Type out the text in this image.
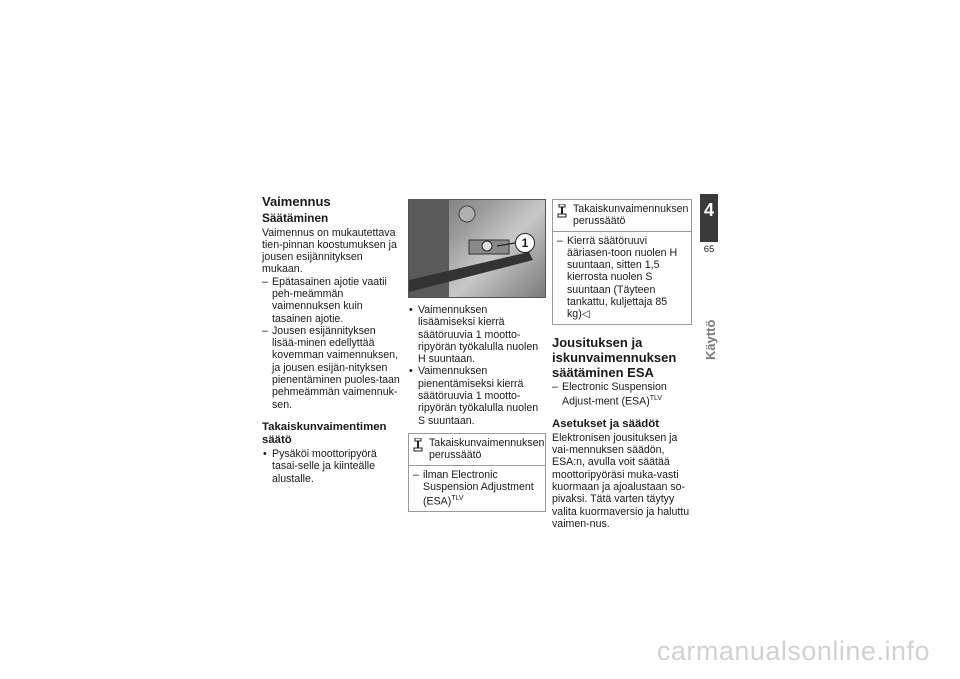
Vaimennus
Säätäminen

Vaimennus on mukautettava tien-pinnan koostumuksen ja jousen esijännityksen mukaan.

– Epätasainen ajotie vaatii peh-meämmän vaimennuksen kuin tasainen ajotie.
– Jousen esijännityksen lisää-minen edellyttää kovemman vaimennuksen, ja jousen esijän-nityksen pienentäminen puoles-taan pehmeämmän vaimennuk-sen.
Takaiskunvaimentimen säätö
• Pysäköi moottoripyörä tasai-selle ja kiinteälle alustalle.
1
• Vaimennuksen lisäämiseksi kierrä säätöruuvia 1 mootto-ripyörän työkalulla nuolen H suuntaan.
• Vaimennuksen pienentämiseksi kierrä säätöruuvia 1 mootto-ripyörän työkalulla nuolen S suuntaan.
Takaiskunvaimennuksen perussäätö
– ilman Electronic Suspension Adjustment (ESA)$^{TLV}$
Takaiskunvaimennuksen perussäätö
– Kierrä säätöruuvi ääriasen-toon nuolen H suuntaan, sitten 1,5 kierrosta nuolen S suuntaan (Täyteen tankattu, kuljettaja 85 kg)◁
Jousituksen ja iskunvaimennuksen säätäminen ESA
– Electronic Suspension Adjust-ment (ESA)$^{TLV}$
Asetukset ja säädöt

Elektronisen jousituksen ja vai-mennuksen säädön, ESA:n, avulla voit säätää moottoripyöräsi muka-vasti kuormaan ja ajoalustaan so-pivaksi. Tätä varten täytyy valita kuormaversio ja haluttu vaimen-nus.

4
65
Käyttö
carmanualsonline.info
